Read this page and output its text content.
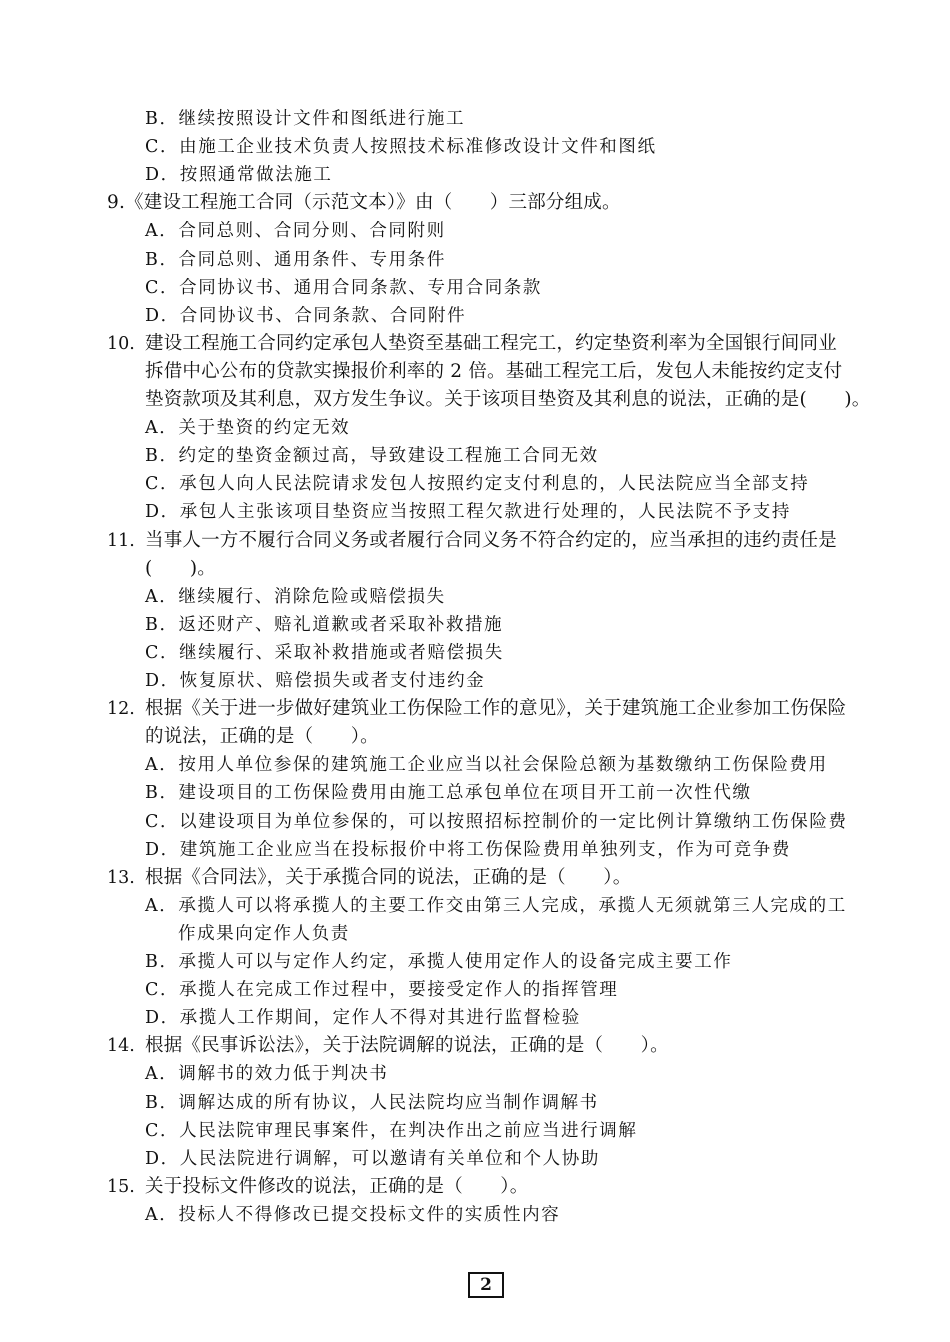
B．继续按照设计文件和图纸进行施工
C．由施工企业技术负责人按照技术标准修改设计文件和图纸
D．按照通常做法施工
9.《建设工程施工合同（示范文本）》由（　　）三部分组成。
A．合同总则、合同分则、合同附则
B．合同总则、通用条件、专用条件
C．合同协议书、通用合同条款、专用合同条款
D．合同协议书、合同条款、合同附件
10. 建设工程施工合同约定承包人垫资至基础工程完工，约定垫资利率为全国银行间同业
拆借中心公布的贷款实操报价利率的 2 倍。基础工程完工后，发包人未能按约定支付
垫资款项及其利息，双方发生争议。关于该项目垫资及其利息的说法，正确的是(　　)。
A．关于垫资的约定无效
B．约定的垫资金额过高，导致建设工程施工合同无效
C．承包人向人民法院请求发包人按照约定支付利息的，人民法院应当全部支持
D．承包人主张该项目垫资应当按照工程欠款进行处理的，人民法院不予支持
11. 当事人一方不履行合同义务或者履行合同义务不符合约定的，应当承担的违约责任是
(　　)。
A．继续履行、消除危险或赔偿损失
B．返还财产、赔礼道歉或者采取补救措施
C．继续履行、采取补救措施或者赔偿损失
D．恢复原状、赔偿损失或者支付违约金
12. 根据《关于进一步做好建筑业工伤保险工作的意见》，关于建筑施工企业参加工伤保险
的说法，正确的是（　　）。
A．按用人单位参保的建筑施工企业应当以社会保险总额为基数缴纳工伤保险费用
B．建设项目的工伤保险费用由施工总承包单位在项目开工前一次性代缴
C．以建设项目为单位参保的，可以按照招标控制价的一定比例计算缴纳工伤保险费
D．建筑施工企业应当在投标报价中将工伤保险费用单独列支，作为可竞争费
13. 根据《合同法》，关于承揽合同的说法，正确的是（　　）。
A．承揽人可以将承揽人的主要工作交由第三人完成，承揽人无须就第三人完成的工
作成果向定作人负责
B．承揽人可以与定作人约定，承揽人使用定作人的设备完成主要工作
C．承揽人在完成工作过程中，要接受定作人的指挥管理
D．承揽人工作期间，定作人不得对其进行监督检验
14. 根据《民事诉讼法》，关于法院调解的说法，正确的是（　　）。
A．调解书的效力低于判决书
B．调解达成的所有协议，人民法院均应当制作调解书
C．人民法院审理民事案件，在判决作出之前应当进行调解
D．人民法院进行调解，可以邀请有关单位和个人协助
15. 关于投标文件修改的说法，正确的是（　　）。
A．投标人不得修改已提交投标文件的实质性内容
2
